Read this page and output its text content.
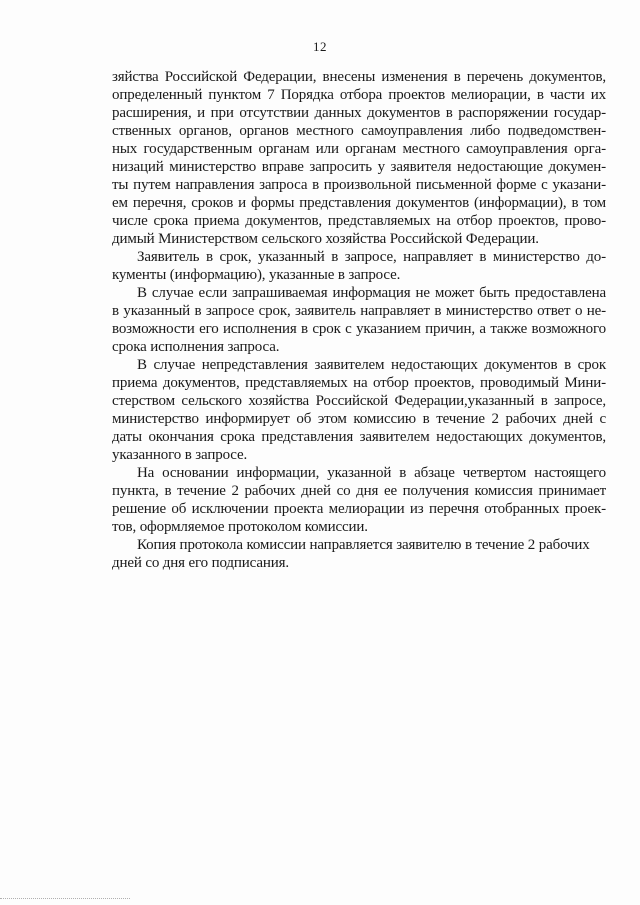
12
зяйства Российской Федерации, внесены изменения в перечень документов,
определенный пунктом 7 Порядка отбора проектов мелиорации, в части их
расширения, и при отсутствии данных документов в распоряжении государ-
ственных органов, органов местного самоуправления либо подведомствен-
ных государственным органам или органам местного самоуправления орга-
низаций министерство вправе запросить у заявителя недостающие докумен-
ты путем направления запроса в произвольной письменной форме с указани-
ем перечня, сроков и формы представления документов (информации), в том
числе срока приема документов, представляемых на отбор проектов, прово-
димый Министерством сельского хозяйства Российской Федерации.
Заявитель в срок, указанный в запросе, направляет в министерство до-
кументы (информацию), указанные в запросе.
В случае если запрашиваемая информация не может быть предоставлена
в указанный в запросе срок, заявитель направляет в министерство ответ о не-
возможности его исполнения в срок с указанием причин, а также возможного
срока исполнения запроса.
В случае непредставления заявителем недостающих документов в срок
приема документов, представляемых на отбор проектов, проводимый Мини-
стерством сельского хозяйства Российской Федерации,указанный в запросе,
министерство информирует об этом комиссию в течение 2 рабочих дней с
даты окончания срока представления заявителем недостающих документов,
указанного в запросе.
На основании информации, указанной в абзаце четвертом настоящего
пункта, в течение 2 рабочих дней со дня ее получения комиссия принимает
решение об исключении проекта мелиорации из перечня отобранных проек-
тов, оформляемое протоколом комиссии.
Копия протокола комиссии направляется заявителю в течение 2 рабочих
дней со дня его подписания.
